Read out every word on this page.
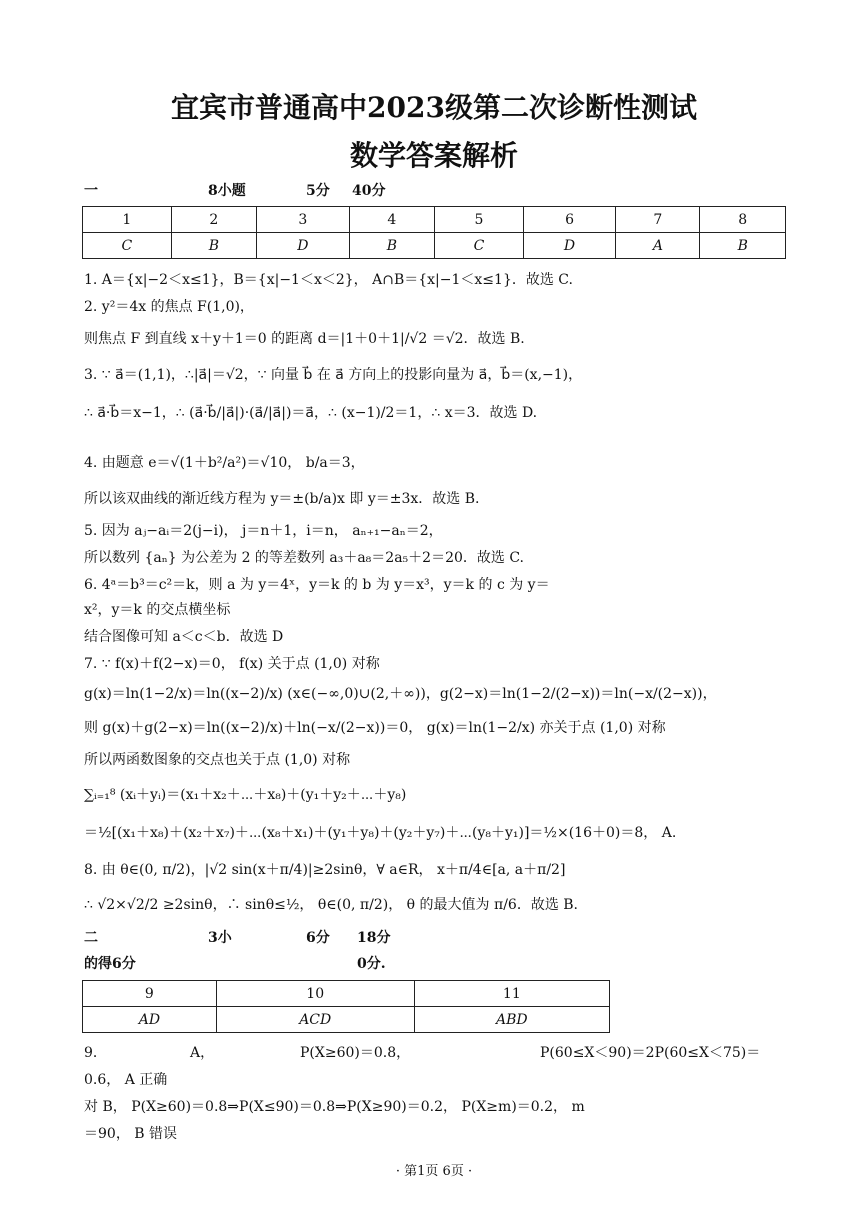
宜宾市普通高中2023级第二次诊断性测试
数学答案解析
一	8小题	5分 40分
1	2	3	4	5	6	7	8
C	B	D	B	C	D	A	B
1. A＝{x|−2＜x≤1}，B＝{x|−1＜x＜2}， A∩B＝{x|−1＜x≤1}．故选 C.
2. y²＝4x 的焦点 F(1,0)，
则焦点 F 到直线 x＋y＋1＝0 的距离 d＝|1＋0＋1|/√2 ＝√2．故选 B.
3. ∵ a⃗＝(1,1)，∴|a⃗|＝√2，∵ 向量 b⃗ 在 a⃗ 方向上的投影向量为 a⃗，b⃗＝(x,−1)，
∴ a⃗·b⃗＝x−1，∴ (a⃗·b⃗/|a⃗|)·(a⃗/|a⃗|)＝a⃗，∴ (x−1)/2＝1，∴ x＝3．故选 D.
4. 由题意 e＝√(1＋b²/a²)＝√10， b/a＝3，
所以该双曲线的渐近线方程为 y＝±(b/a)x 即 y＝±3x．故选 B.
5. 因为 aⱼ−aᵢ＝2(j−i)， j＝n＋1，i＝n， aₙ₊₁−aₙ＝2，
所以数列 {aₙ} 为公差为 2 的等差数列 a₃＋a₈＝2a₅＋2＝20．故选 C.
6. 4ᵃ＝b³＝c²＝k，则 a 为 y＝4ˣ，y＝k 的 b 为 y＝x³，y＝k 的 c 为 y＝
x²，y＝k 的交点横坐标
结合图像可知 a＜c＜b．故选 D
7. ∵ f(x)＋f(2−x)＝0， f(x) 关于点 (1,0) 对称
g(x)＝ln(1−2/x)＝ln((x−2)/x) (x∈(−∞,0)∪(2,＋∞))，g(2−x)＝ln(1−2/(2−x))＝ln(−x/(2−x))，
则 g(x)＋g(2−x)＝ln((x−2)/x)＋ln(−x/(2−x))＝0， g(x)＝ln(1−2/x) 亦关于点 (1,0) 对称
所以两函数图象的交点也关于点 (1,0) 对称
∑ᵢ₌₁⁸ (xᵢ＋yᵢ)＝(x₁＋x₂＋⋯＋x₈)＋(y₁＋y₂＋⋯＋y₈)
＝½[(x₁＋x₈)＋(x₂＋x₇)＋⋯(x₈＋x₁)＋(y₁＋y₈)＋(y₂＋y₇)＋⋯(y₈＋y₁)]＝½×(16＋0)＝8， A.
8. 由 θ∈(0, π/2)，|√2 sin(x＋π/4)|≥2sinθ，∀ a∈R， x＋π/4∈[a, a＋π/2]
∴ √2×√2/2 ≥2sinθ，∴ sinθ≤½， θ∈(0, π/2)， θ 的最大值为 π/6．故选 B.
二	3小	6分 18分
的得6分	0分.
9	10	11
AD	ACD	ABD
9．	A，	P(X≥60)＝0.8，	P(60≤X＜90)＝2P(60≤X＜75)＝
0.6， A 正确
对 B， P(X≥60)＝0.8⇒P(X≤90)＝0.8⇒P(X≥90)＝0.2， P(X≥m)＝0.2， m
＝90， B 错误
· 第1页 6页 ·
